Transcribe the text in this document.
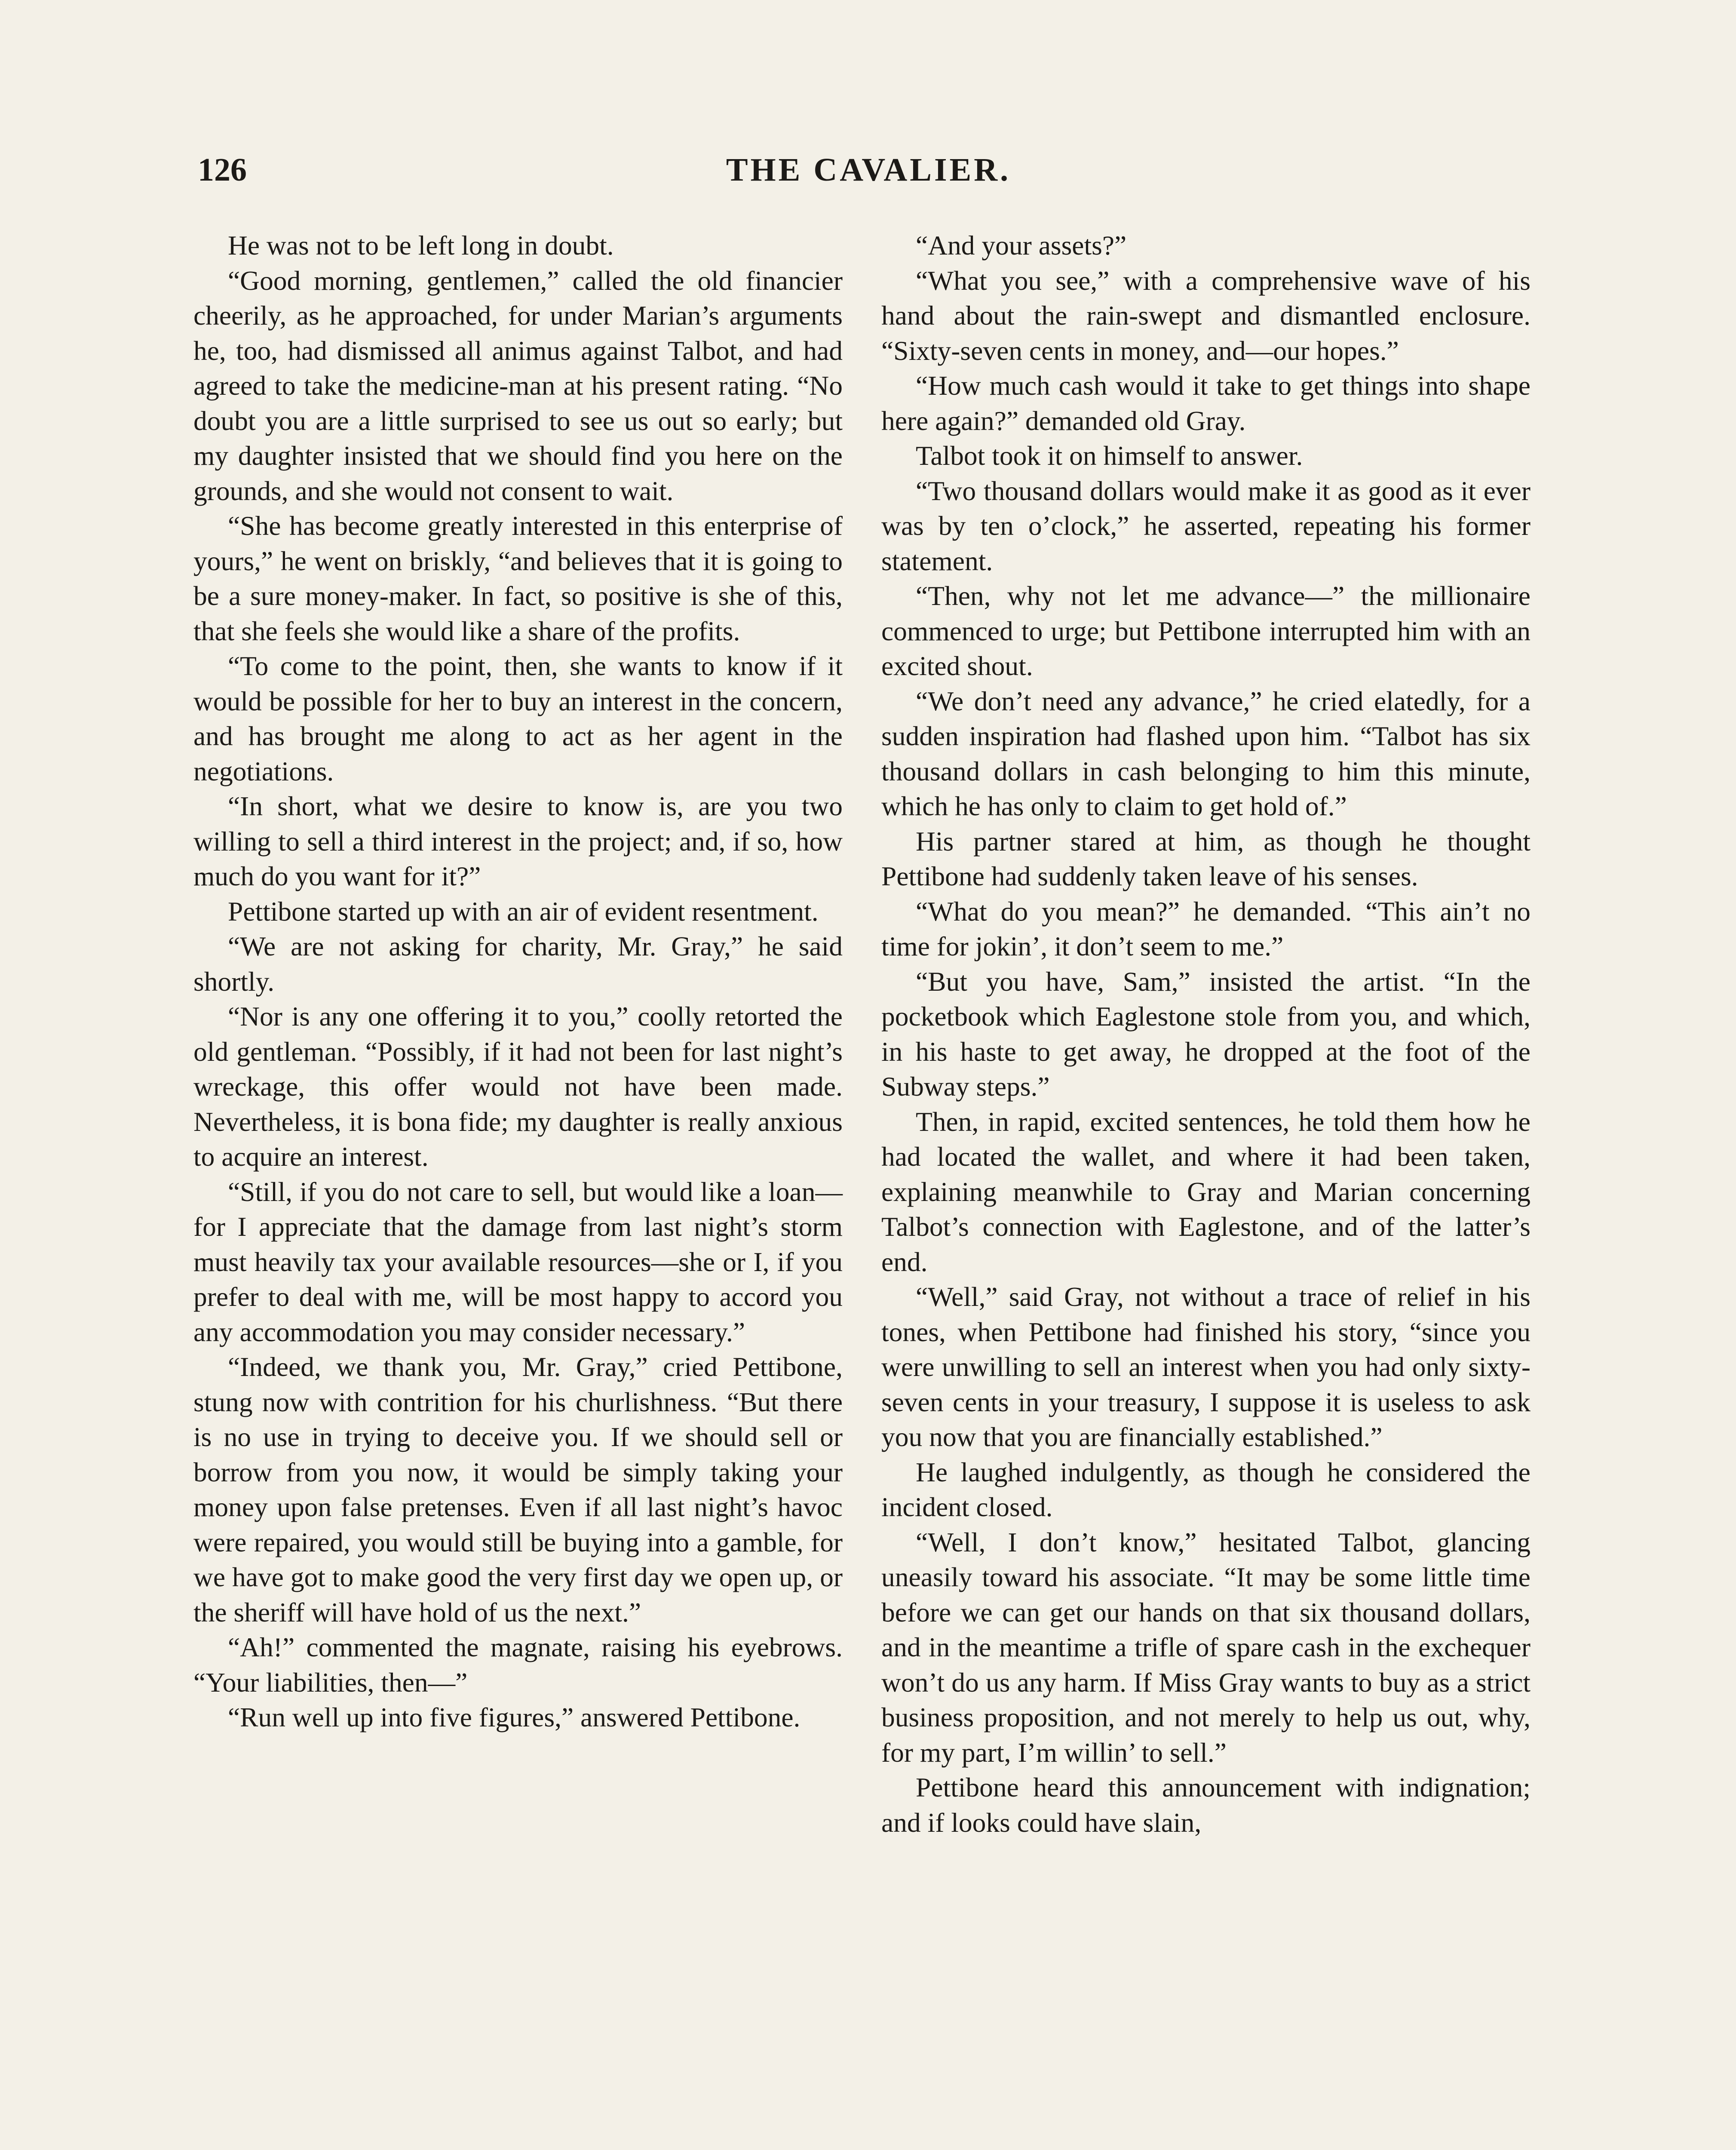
126	THE CAVALIER.

He was not to be left long in doubt.

“Good morning, gentlemen,” called the old financier cheerily, as he approached, for under Marian’s arguments he, too, had dismissed all animus against Talbot, and had agreed to take the medicine-man at his present rating. “No doubt you are a little surprised to see us out so early; but my daughter insisted that we should find you here on the grounds, and she would not consent to wait.

“She has become greatly interested in this enterprise of yours,” he went on briskly, “and believes that it is going to be a sure money-maker. In fact, so positive is she of this, that she feels she would like a share of the profits.

“To come to the point, then, she wants to know if it would be possible for her to buy an interest in the concern, and has brought me along to act as her agent in the negotiations.

“In short, what we desire to know is, are you two willing to sell a third interest in the project; and, if so, how much do you want for it?”

Pettibone started up with an air of evident resentment.

“We are not asking for charity, Mr. Gray,” he said shortly.

“Nor is any one offering it to you,” coolly retorted the old gentleman. “Possibly, if it had not been for last night’s wreckage, this offer would not have been made. Nevertheless, it is bona fide; my daughter is really anxious to acquire an interest.

“Still, if you do not care to sell, but would like a loan—for I appreciate that the damage from last night’s storm must heavily tax your available resources—she or I, if you prefer to deal with me, will be most happy to accord you any accommodation you may consider necessary.”

“Indeed, we thank you, Mr. Gray,” cried Pettibone, stung now with contrition for his churlishness. “But there is no use in trying to deceive you. If we should sell or borrow from you now, it would be simply taking your money upon false pretenses. Even if all last night’s havoc were repaired, you would still be buying into a gamble, for we have got to make good the very first day we open up, or the sheriff will have hold of us the next.”

“Ah!” commented the magnate, raising his eyebrows. “Your liabilities, then—”

“Run well up into five figures,” answered Pettibone.

“And your assets?”

“What you see,” with a comprehensive wave of his hand about the rain-swept and dismantled enclosure. “Sixty-seven cents in money, and—our hopes.”

“How much cash would it take to get things into shape here again?” demanded old Gray.

Talbot took it on himself to answer.

“Two thousand dollars would make it as good as it ever was by ten o’clock,” he asserted, repeating his former statement.

“Then, why not let me advance—” the millionaire commenced to urge; but Pettibone interrupted him with an excited shout.

“We don’t need any advance,” he cried elatedly, for a sudden inspiration had flashed upon him. “Talbot has six thousand dollars in cash belonging to him this minute, which he has only to claim to get hold of.”

His partner stared at him, as though he thought Pettibone had suddenly taken leave of his senses.

“What do you mean?” he demanded. “This ain’t no time for jokin’, it don’t seem to me.”

“But you have, Sam,” insisted the artist. “In the pocketbook which Eaglestone stole from you, and which, in his haste to get away, he dropped at the foot of the Subway steps.”

Then, in rapid, excited sentences, he told them how he had located the wallet, and where it had been taken, explaining meanwhile to Gray and Marian concerning Talbot’s connection with Eaglestone, and of the latter’s end.

“Well,” said Gray, not without a trace of relief in his tones, when Pettibone had finished his story, “since you were unwilling to sell an interest when you had only sixty-seven cents in your treasury, I suppose it is useless to ask you now that you are financially established.”

He laughed indulgently, as though he considered the incident closed.

“Well, I don’t know,” hesitated Talbot, glancing uneasily toward his associate. “It may be some little time before we can get our hands on that six thousand dollars, and in the meantime a trifle of spare cash in the exchequer won’t do us any harm. If Miss Gray wants to buy as a strict business proposition, and not merely to help us out, why, for my part, I’m willin’ to sell.”

Pettibone heard this announcement with indignation; and if looks could have slain,
